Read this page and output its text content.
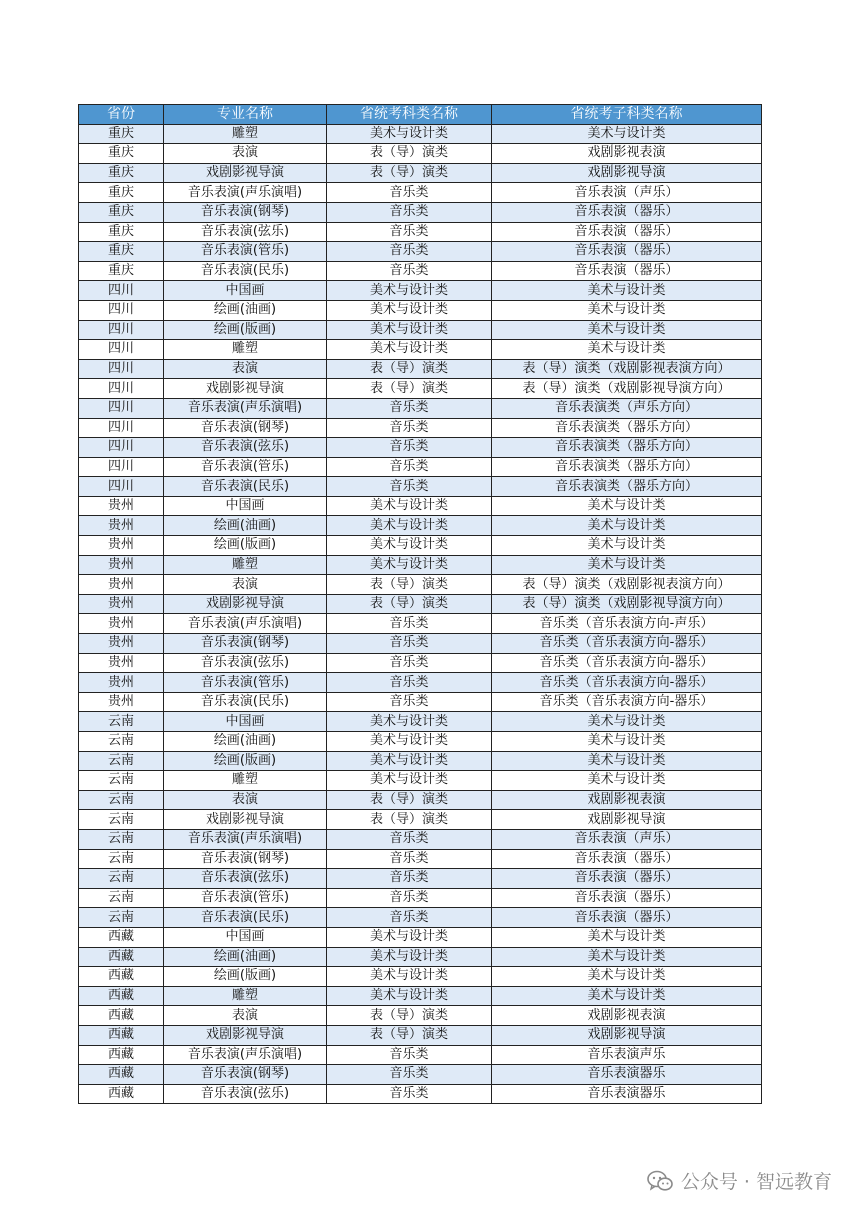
省份	专业名称	省统考科类名称	省统考子科类名称
重庆	雕塑	美术与设计类	美术与设计类
重庆	表演	表（导）演类	戏剧影视表演
重庆	戏剧影视导演	表（导）演类	戏剧影视导演
重庆	音乐表演(声乐演唱)	音乐类	音乐表演（声乐）
重庆	音乐表演(钢琴)	音乐类	音乐表演（器乐）
重庆	音乐表演(弦乐)	音乐类	音乐表演（器乐）
重庆	音乐表演(管乐)	音乐类	音乐表演（器乐）
重庆	音乐表演(民乐)	音乐类	音乐表演（器乐）
四川	中国画	美术与设计类	美术与设计类
四川	绘画(油画)	美术与设计类	美术与设计类
四川	绘画(版画)	美术与设计类	美术与设计类
四川	雕塑	美术与设计类	美术与设计类
四川	表演	表（导）演类	表（导）演类（戏剧影视表演方向）
四川	戏剧影视导演	表（导）演类	表（导）演类（戏剧影视导演方向）
四川	音乐表演(声乐演唱)	音乐类	音乐表演类（声乐方向）
四川	音乐表演(钢琴)	音乐类	音乐表演类（器乐方向）
四川	音乐表演(弦乐)	音乐类	音乐表演类（器乐方向）
四川	音乐表演(管乐)	音乐类	音乐表演类（器乐方向）
四川	音乐表演(民乐)	音乐类	音乐表演类（器乐方向）
贵州	中国画	美术与设计类	美术与设计类
贵州	绘画(油画)	美术与设计类	美术与设计类
贵州	绘画(版画)	美术与设计类	美术与设计类
贵州	雕塑	美术与设计类	美术与设计类
贵州	表演	表（导）演类	表（导）演类（戏剧影视表演方向）
贵州	戏剧影视导演	表（导）演类	表（导）演类（戏剧影视导演方向）
贵州	音乐表演(声乐演唱)	音乐类	音乐类（音乐表演方向-声乐）
贵州	音乐表演(钢琴)	音乐类	音乐类（音乐表演方向-器乐）
贵州	音乐表演(弦乐)	音乐类	音乐类（音乐表演方向-器乐）
贵州	音乐表演(管乐)	音乐类	音乐类（音乐表演方向-器乐）
贵州	音乐表演(民乐)	音乐类	音乐类（音乐表演方向-器乐）
云南	中国画	美术与设计类	美术与设计类
云南	绘画(油画)	美术与设计类	美术与设计类
云南	绘画(版画)	美术与设计类	美术与设计类
云南	雕塑	美术与设计类	美术与设计类
云南	表演	表（导）演类	戏剧影视表演
云南	戏剧影视导演	表（导）演类	戏剧影视导演
云南	音乐表演(声乐演唱)	音乐类	音乐表演（声乐）
云南	音乐表演(钢琴)	音乐类	音乐表演（器乐）
云南	音乐表演(弦乐)	音乐类	音乐表演（器乐）
云南	音乐表演(管乐)	音乐类	音乐表演（器乐）
云南	音乐表演(民乐)	音乐类	音乐表演（器乐）
西藏	中国画	美术与设计类	美术与设计类
西藏	绘画(油画)	美术与设计类	美术与设计类
西藏	绘画(版画)	美术与设计类	美术与设计类
西藏	雕塑	美术与设计类	美术与设计类
西藏	表演	表（导）演类	戏剧影视表演
西藏	戏剧影视导演	表（导）演类	戏剧影视导演
西藏	音乐表演(声乐演唱)	音乐类	音乐表演声乐
西藏	音乐表演(钢琴)	音乐类	音乐表演器乐
西藏	音乐表演(弦乐)	音乐类	音乐表演器乐
公众号 · 智远教育
